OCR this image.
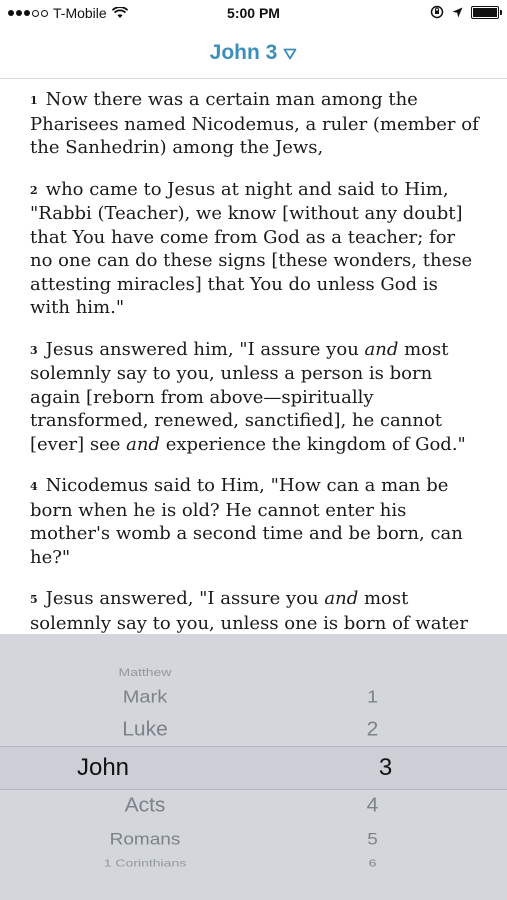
T-Mobile	5:00 PM
John 3

1 Now there was a certain man among the Pharisees named Nicodemus, a ruler (member of the Sanhedrin) among the Jews,

2 who came to Jesus at night and said to Him, "Rabbi (Teacher), we know [without any doubt] that You have come from God as a teacher; for no one can do these signs [these wonders, these attesting miracles] that You do unless God is with him."

3 Jesus answered him, "I assure you and most solemnly say to you, unless a person is born again [reborn from above—spiritually transformed, renewed, sanctified], he cannot [ever] see and experience the kingdom of God."

4 Nicodemus said to Him, "How can a man be born when he is old? He cannot enter his mother's womb a second time and be born, can he?"

5 Jesus answered, "I assure you and most solemnly say to you, unless one is born of water

Matthew
Mark
Luke
John
Acts
Romans
1 Corinthians
1
2
3
4
5
6
